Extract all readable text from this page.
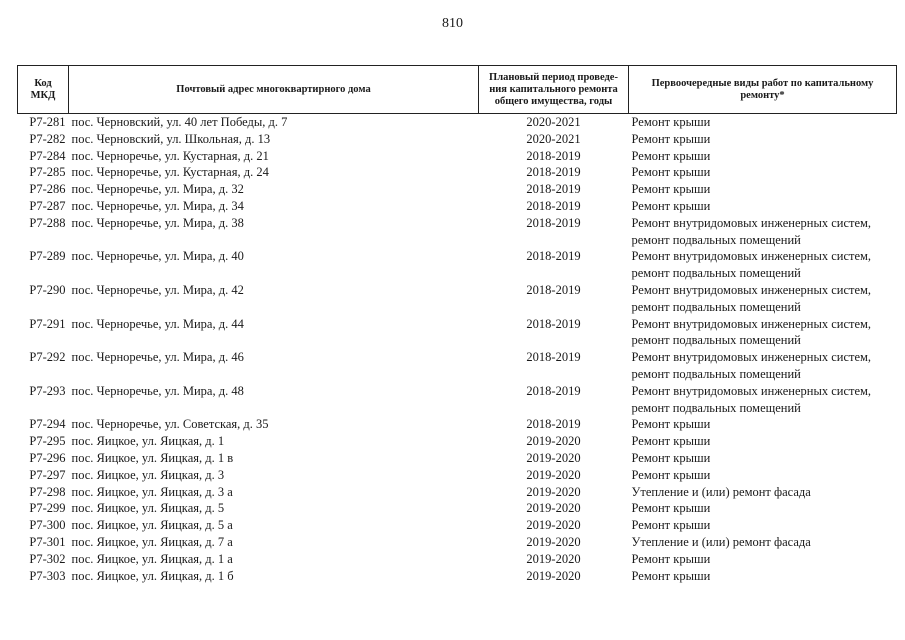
810
Код МКД	Почтовый адрес многоквартирного дома	Плановый период проведе-ния капитального ремонта общего имущества, годы	Первоочередные виды работ по капитальному ремонту*
Р7-281	пос. Черновский, ул. 40 лет Победы, д. 7	2020-2021	Ремонт крыши

Р7-282	пос. Черновский, ул. Школьная, д. 13	2020-2021	Ремонт крыши

Р7-284	пос. Черноречье, ул. Кустарная, д. 21	2018-2019	Ремонт крыши

Р7-285	пос. Черноречье, ул. Кустарная, д. 24	2018-2019	Ремонт крыши

Р7-286	пос. Черноречье, ул. Мира, д. 32	2018-2019	Ремонт крыши

Р7-287	пос. Черноречье, ул. Мира, д. 34	2018-2019	Ремонт крыши

Р7-288	пос. Черноречье, ул. Мира, д. 38	2018-2019	Ремонт внутридомовых инженерных систем,
ремонт подвальных помещений

Р7-289	пос. Черноречье, ул. Мира, д. 40	2018-2019	Ремонт внутридомовых инженерных систем,
ремонт подвальных помещений

Р7-290	пос. Черноречье, ул. Мира, д. 42	2018-2019	Ремонт внутридомовых инженерных систем,
ремонт подвальных помещений

Р7-291	пос. Черноречье, ул. Мира, д. 44	2018-2019	Ремонт внутридомовых инженерных систем,
ремонт подвальных помещений

Р7-292	пос. Черноречье, ул. Мира, д. 46	2018-2019	Ремонт внутридомовых инженерных систем,
ремонт подвальных помещений

Р7-293	пос. Черноречье, ул. Мира, д. 48	2018-2019	Ремонт внутридомовых инженерных систем,
ремонт подвальных помещений

Р7-294	пос. Черноречье, ул. Советская, д. 35	2018-2019	Ремонт крыши

Р7-295	пос. Яицкое, ул. Яицкая, д. 1	2019-2020	Ремонт крыши

Р7-296	пос. Яицкое, ул. Яицкая, д. 1 в	2019-2020	Ремонт крыши

Р7-297	пос. Яицкое, ул. Яицкая, д. 3	2019-2020	Ремонт крыши

Р7-298	пос. Яицкое, ул. Яицкая, д. 3 а	2019-2020	Утепление и (или) ремонт фасада

Р7-299	пос. Яицкое, ул. Яицкая, д. 5	2019-2020	Ремонт крыши

Р7-300	пос. Яицкое, ул. Яицкая, д. 5 а	2019-2020	Ремонт крыши

Р7-301	пос. Яицкое, ул. Яицкая, д. 7 а	2019-2020	Утепление и (или) ремонт фасада

Р7-302	пос. Яицкое, ул. Яицкая, д. 1 а	2019-2020	Ремонт крыши

Р7-303	пос. Яицкое, ул. Яицкая, д. 1 б	2019-2020	Ремонт крыши
